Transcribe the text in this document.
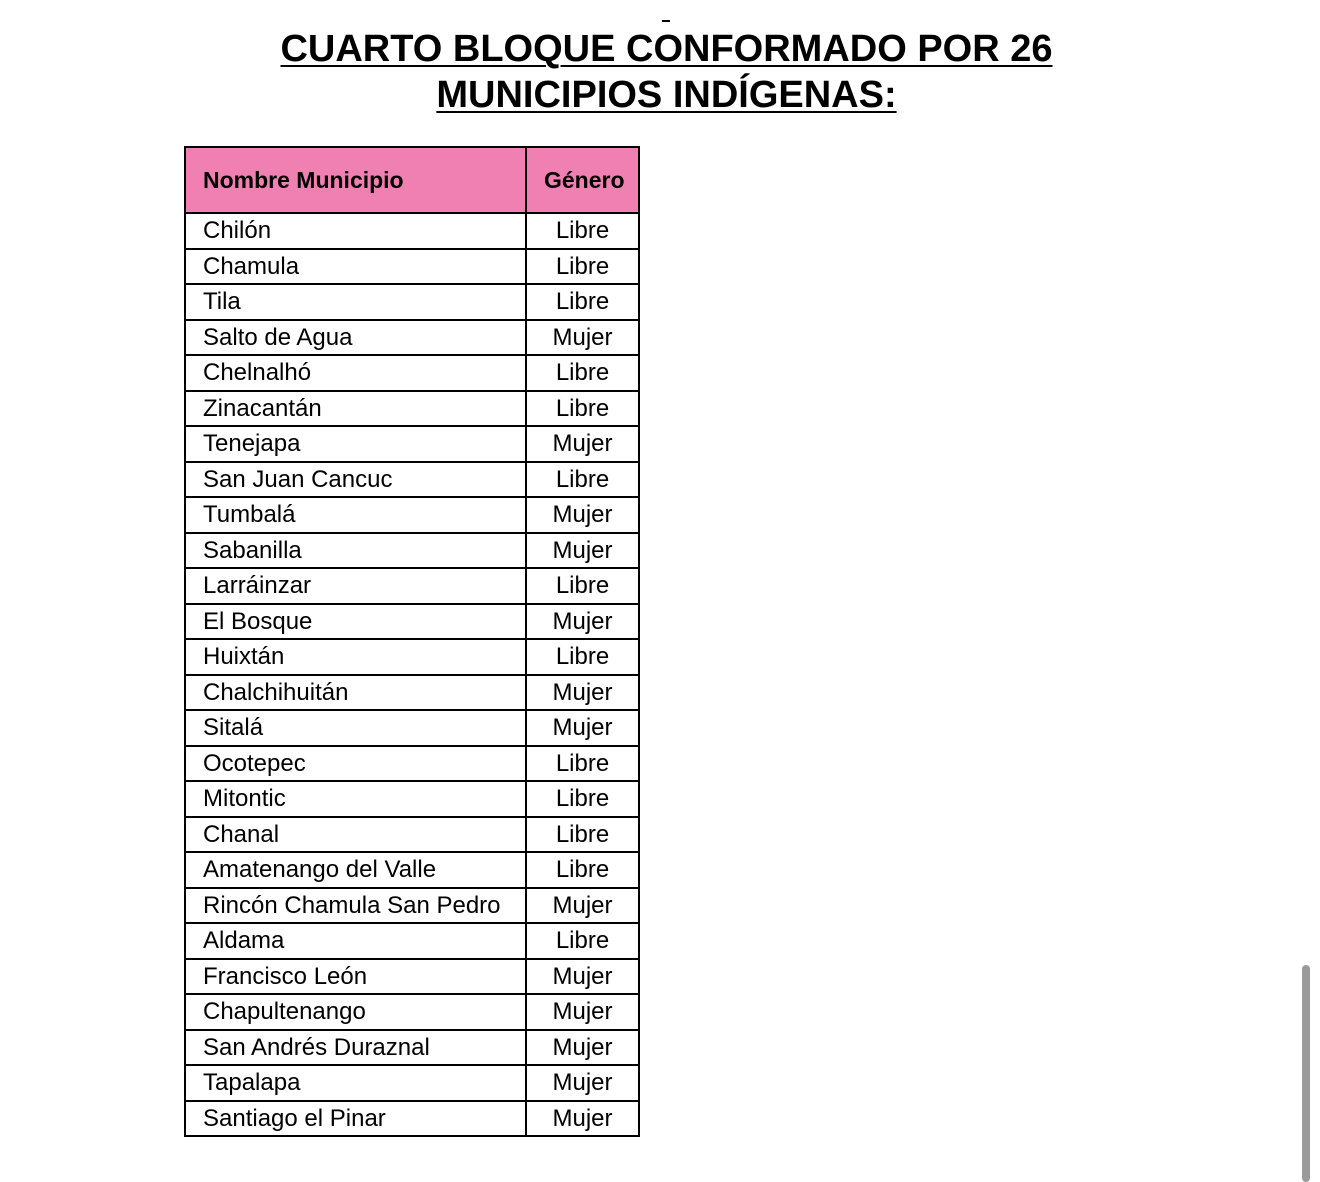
CUARTO BLOQUE CONFORMADO POR 26
MUNICIPIOS INDÍGENAS:
Nombre Municipio	Género
Chilón	Libre
Chamula	Libre
Tila	Libre
Salto de Agua	Mujer
Chelnalhó	Libre
Zinacantán	Libre
Tenejapa	Mujer
San Juan Cancuc	Libre
Tumbalá	Mujer
Sabanilla	Mujer
Larráinzar	Libre
El Bosque	Mujer
Huixtán	Libre
Chalchihuitán	Mujer
Sitalá	Mujer
Ocotepec	Libre
Mitontic	Libre
Chanal	Libre
Amatenango del Valle	Libre
Rincón Chamula San Pedro	Mujer
Aldama	Libre
Francisco León	Mujer
Chapultenango	Mujer
San Andrés Duraznal	Mujer
Tapalapa	Mujer
Santiago el Pinar	Mujer
